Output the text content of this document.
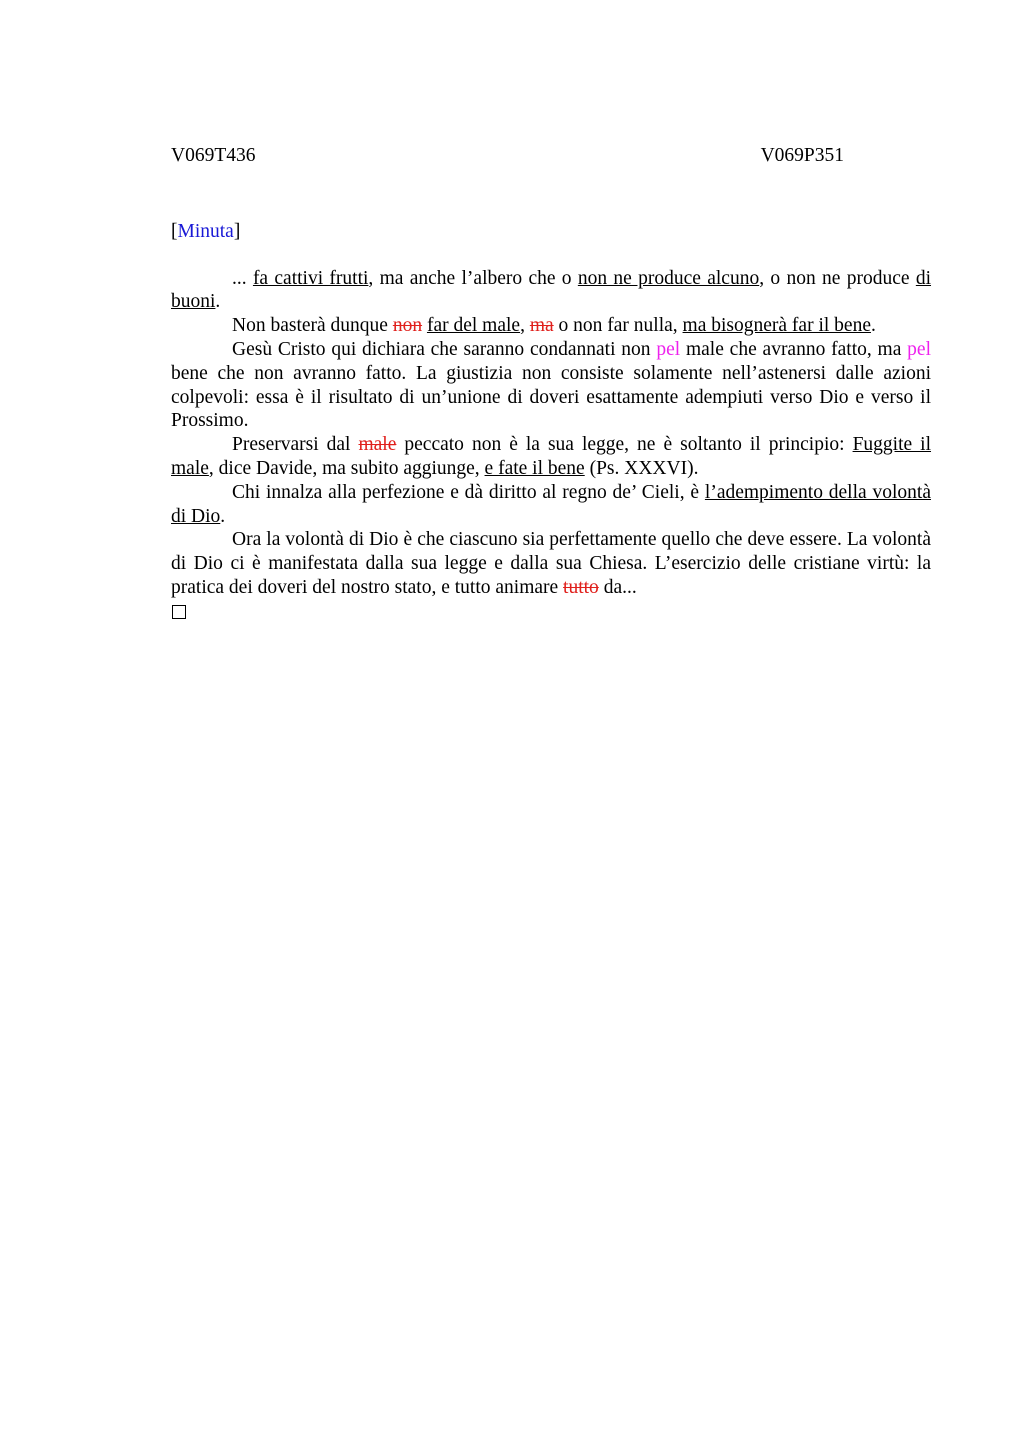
V069T436	V069P351
[Minuta]

... fa cattivi frutti, ma anche l’albero che o non ne produce alcuno, o non ne produce di buoni.

Non basterà dunque non far del male, ma o non far nulla, ma bisognerà far il bene.

Gesù Cristo qui dichiara che saranno condannati non pel male che avranno fatto, ma pel bene che non avranno fatto. La giustizia non consiste solamente nell’astenersi dalle azioni colpevoli: essa è il risultato di un’unione di doveri esattamente adempiuti verso Dio e verso il Prossimo.

Preservarsi dal male peccato non è la sua legge, ne è soltanto il principio: Fuggite il male, dice Davide, ma subito aggiunge, e fate il bene (Ps. XXXVI).

Chi innalza alla perfezione e dà diritto al regno de’ Cieli, è l’adempimento della volontà di Dio.

Ora la volontà di Dio è che ciascuno sia perfettamente quello che deve essere. La volontà di Dio ci è manifestata dalla sua legge e dalla sua Chiesa. L’esercizio delle cristiane virtù: la pratica dei doveri del nostro stato, e tutto animare tutto da...
